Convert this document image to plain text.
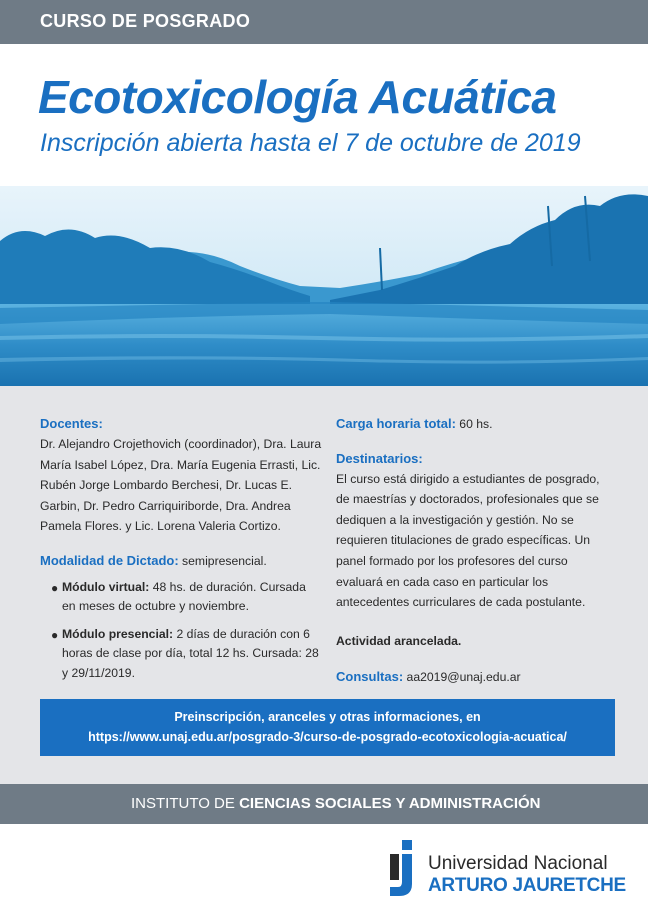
CURSO DE POSGRADO
Ecotoxicología Acuática
Inscripción abierta hasta el 7 de octubre de 2019
Docentes:
Dr. Alejandro Crojethovich (coordinador), Dra. Laura María Isabel López, Dra. María Eugenia Errasti, Lic. Rubén Jorge Lombardo Berchesi, Dr. Lucas E. Garbin, Dr. Pedro Carriquiriborde, Dra. Andrea Pamela Flores. y Lic. Lorena Valeria Cortizo.
Modalidad de Dictado: semipresencial.
● Módulo virtual: 48 hs. de duración. Cursada en meses de octubre y noviembre.
● Módulo presencial: 2 días de duración con 6 horas de clase por día, total 12 hs. Cursada: 28 y 29/11/2019.
Carga horaria total: 60 hs.
Destinatarios:
El curso está dirigido a estudiantes de posgrado, de maestrías y doctorados, profesionales que se dediquen a la investigación y gestión. No se requieren titulaciones de grado específicas. Un panel formado por los profesores del curso evaluará en cada caso en particular los antecedentes curriculares de cada postulante.
Actividad arancelada.
Consultas: aa2019@unaj.edu.ar
Preinscripción, aranceles y otras informaciones, en
https://www.unaj.edu.ar/posgrado-3/curso-de-posgrado-ecotoxicologia-acuatica/
INSTITUTO DE CIENCIAS SOCIALES Y ADMINISTRACIÓN
Universidad Nacional
ARTURO JAURETCHE
